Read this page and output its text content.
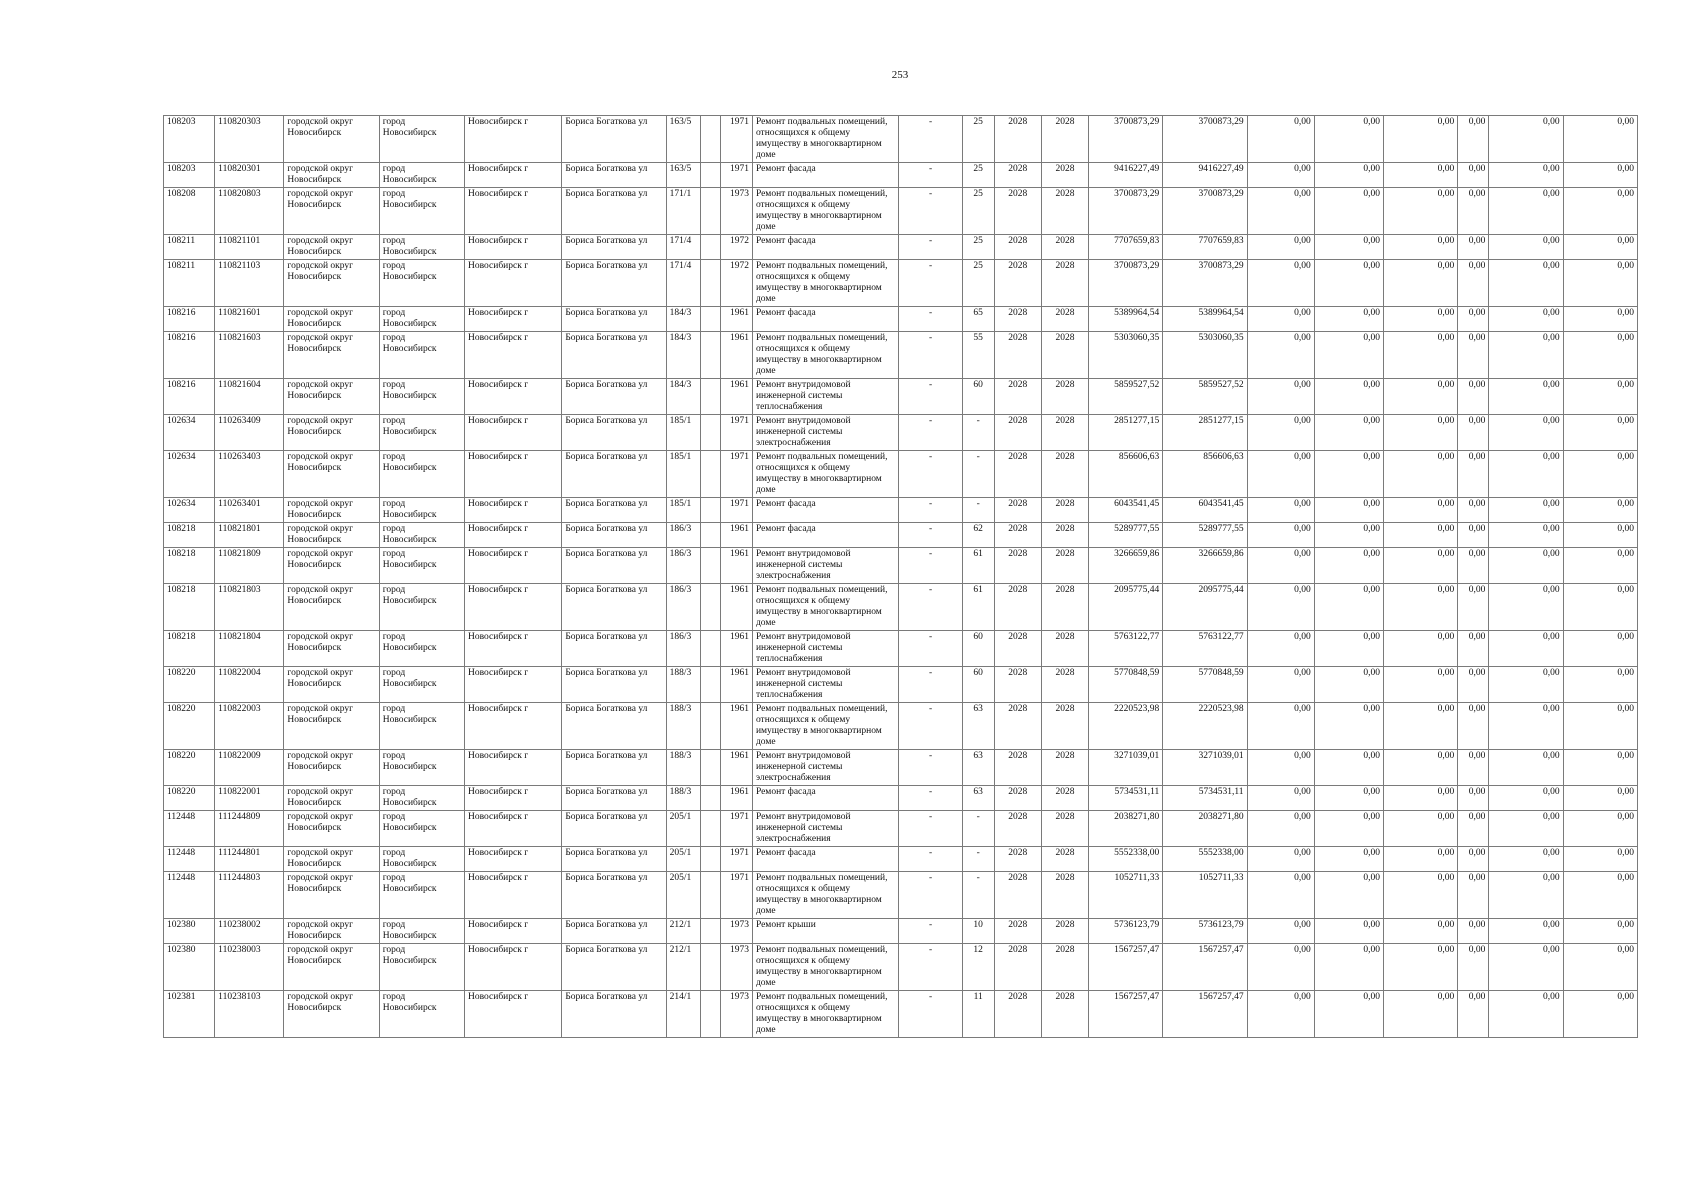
253
108203	110820303	городской округ Новосибирск	город Новосибирск	Новосибирск г	Бориса Богаткова ул	163/5		1971	Ремонт подвальных помещений, относящихся к общему имуществу в многоквартирном доме	-	25	2028	2028	3700873,29	3700873,29	0,00	0,00	0,00	0,00	0,00	0,00
108203	110820301	городской округ Новосибирск	город Новосибирск	Новосибирск г	Бориса Богаткова ул	163/5		1971	Ремонт фасада	-	25	2028	2028	9416227,49	9416227,49	0,00	0,00	0,00	0,00	0,00	0,00
108208	110820803	городской округ Новосибирск	город Новосибирск	Новосибирск г	Бориса Богаткова ул	171/1		1973	Ремонт подвальных помещений, относящихся к общему имуществу в многоквартирном доме	-	25	2028	2028	3700873,29	3700873,29	0,00	0,00	0,00	0,00	0,00	0,00
108211	110821101	городской округ Новосибирск	город Новосибирск	Новосибирск г	Бориса Богаткова ул	171/4		1972	Ремонт фасада	-	25	2028	2028	7707659,83	7707659,83	0,00	0,00	0,00	0,00	0,00	0,00
108211	110821103	городской округ Новосибирск	город Новосибирск	Новосибирск г	Бориса Богаткова ул	171/4		1972	Ремонт подвальных помещений, относящихся к общему имуществу в многоквартирном доме	-	25	2028	2028	3700873,29	3700873,29	0,00	0,00	0,00	0,00	0,00	0,00
108216	110821601	городской округ Новосибирск	город Новосибирск	Новосибирск г	Бориса Богаткова ул	184/3		1961	Ремонт фасада	-	65	2028	2028	5389964,54	5389964,54	0,00	0,00	0,00	0,00	0,00	0,00
108216	110821603	городской округ Новосибирск	город Новосибирск	Новосибирск г	Бориса Богаткова ул	184/3		1961	Ремонт подвальных помещений, относящихся к общему имуществу в многоквартирном доме	-	55	2028	2028	5303060,35	5303060,35	0,00	0,00	0,00	0,00	0,00	0,00
108216	110821604	городской округ Новосибирск	город Новосибирск	Новосибирск г	Бориса Богаткова ул	184/3		1961	Ремонт внутридомовой инженерной системы теплоснабжения	-	60	2028	2028	5859527,52	5859527,52	0,00	0,00	0,00	0,00	0,00	0,00
102634	110263409	городской округ Новосибирск	город Новосибирск	Новосибирск г	Бориса Богаткова ул	185/1		1971	Ремонт внутридомовой инженерной системы электроснабжения	-	-	2028	2028	2851277,15	2851277,15	0,00	0,00	0,00	0,00	0,00	0,00
102634	110263403	городской округ Новосибирск	город Новосибирск	Новосибирск г	Бориса Богаткова ул	185/1		1971	Ремонт подвальных помещений, относящихся к общему имуществу в многоквартирном доме	-	-	2028	2028	856606,63	856606,63	0,00	0,00	0,00	0,00	0,00	0,00
102634	110263401	городской округ Новосибирск	город Новосибирск	Новосибирск г	Бориса Богаткова ул	185/1		1971	Ремонт фасада	-	-	2028	2028	6043541,45	6043541,45	0,00	0,00	0,00	0,00	0,00	0,00
108218	110821801	городской округ Новосибирск	город Новосибирск	Новосибирск г	Бориса Богаткова ул	186/3		1961	Ремонт фасада	-	62	2028	2028	5289777,55	5289777,55	0,00	0,00	0,00	0,00	0,00	0,00
108218	110821809	городской округ Новосибирск	город Новосибирск	Новосибирск г	Бориса Богаткова ул	186/3		1961	Ремонт внутридомовой инженерной системы электроснабжения	-	61	2028	2028	3266659,86	3266659,86	0,00	0,00	0,00	0,00	0,00	0,00
108218	110821803	городской округ Новосибирск	город Новосибирск	Новосибирск г	Бориса Богаткова ул	186/3		1961	Ремонт подвальных помещений, относящихся к общему имуществу в многоквартирном доме	-	61	2028	2028	2095775,44	2095775,44	0,00	0,00	0,00	0,00	0,00	0,00
108218	110821804	городской округ Новосибирск	город Новосибирск	Новосибирск г	Бориса Богаткова ул	186/3		1961	Ремонт внутридомовой инженерной системы теплоснабжения	-	60	2028	2028	5763122,77	5763122,77	0,00	0,00	0,00	0,00	0,00	0,00
108220	110822004	городской округ Новосибирск	город Новосибирск	Новосибирск г	Бориса Богаткова ул	188/3		1961	Ремонт внутридомовой инженерной системы теплоснабжения	-	60	2028	2028	5770848,59	5770848,59	0,00	0,00	0,00	0,00	0,00	0,00
108220	110822003	городской округ Новосибирск	город Новосибирск	Новосибирск г	Бориса Богаткова ул	188/3		1961	Ремонт подвальных помещений, относящихся к общему имуществу в многоквартирном доме	-	63	2028	2028	2220523,98	2220523,98	0,00	0,00	0,00	0,00	0,00	0,00
108220	110822009	городской округ Новосибирск	город Новосибирск	Новосибирск г	Бориса Богаткова ул	188/3		1961	Ремонт внутридомовой инженерной системы электроснабжения	-	63	2028	2028	3271039,01	3271039,01	0,00	0,00	0,00	0,00	0,00	0,00
108220	110822001	городской округ Новосибирск	город Новосибирск	Новосибирск г	Бориса Богаткова ул	188/3		1961	Ремонт фасада	-	63	2028	2028	5734531,11	5734531,11	0,00	0,00	0,00	0,00	0,00	0,00
112448	111244809	городской округ Новосибирск	город Новосибирск	Новосибирск г	Бориса Богаткова ул	205/1		1971	Ремонт внутридомовой инженерной системы электроснабжения	-	-	2028	2028	2038271,80	2038271,80	0,00	0,00	0,00	0,00	0,00	0,00
112448	111244801	городской округ Новосибирск	город Новосибирск	Новосибирск г	Бориса Богаткова ул	205/1		1971	Ремонт фасада	-	-	2028	2028	5552338,00	5552338,00	0,00	0,00	0,00	0,00	0,00	0,00
112448	111244803	городской округ Новосибирск	город Новосибирск	Новосибирск г	Бориса Богаткова ул	205/1		1971	Ремонт подвальных помещений, относящихся к общему имуществу в многоквартирном доме	-	-	2028	2028	1052711,33	1052711,33	0,00	0,00	0,00	0,00	0,00	0,00
102380	110238002	городской округ Новосибирск	город Новосибирск	Новосибирск г	Бориса Богаткова ул	212/1		1973	Ремонт крыши	-	10	2028	2028	5736123,79	5736123,79	0,00	0,00	0,00	0,00	0,00	0,00
102380	110238003	городской округ Новосибирск	город Новосибирск	Новосибирск г	Бориса Богаткова ул	212/1		1973	Ремонт подвальных помещений, относящихся к общему имуществу в многоквартирном доме	-	12	2028	2028	1567257,47	1567257,47	0,00	0,00	0,00	0,00	0,00	0,00
102381	110238103	городской округ Новосибирск	город Новосибирск	Новосибирск г	Бориса Богаткова ул	214/1		1973	Ремонт подвальных помещений, относящихся к общему имуществу в многоквартирном доме	-	11	2028	2028	1567257,47	1567257,47	0,00	0,00	0,00	0,00	0,00	0,00
